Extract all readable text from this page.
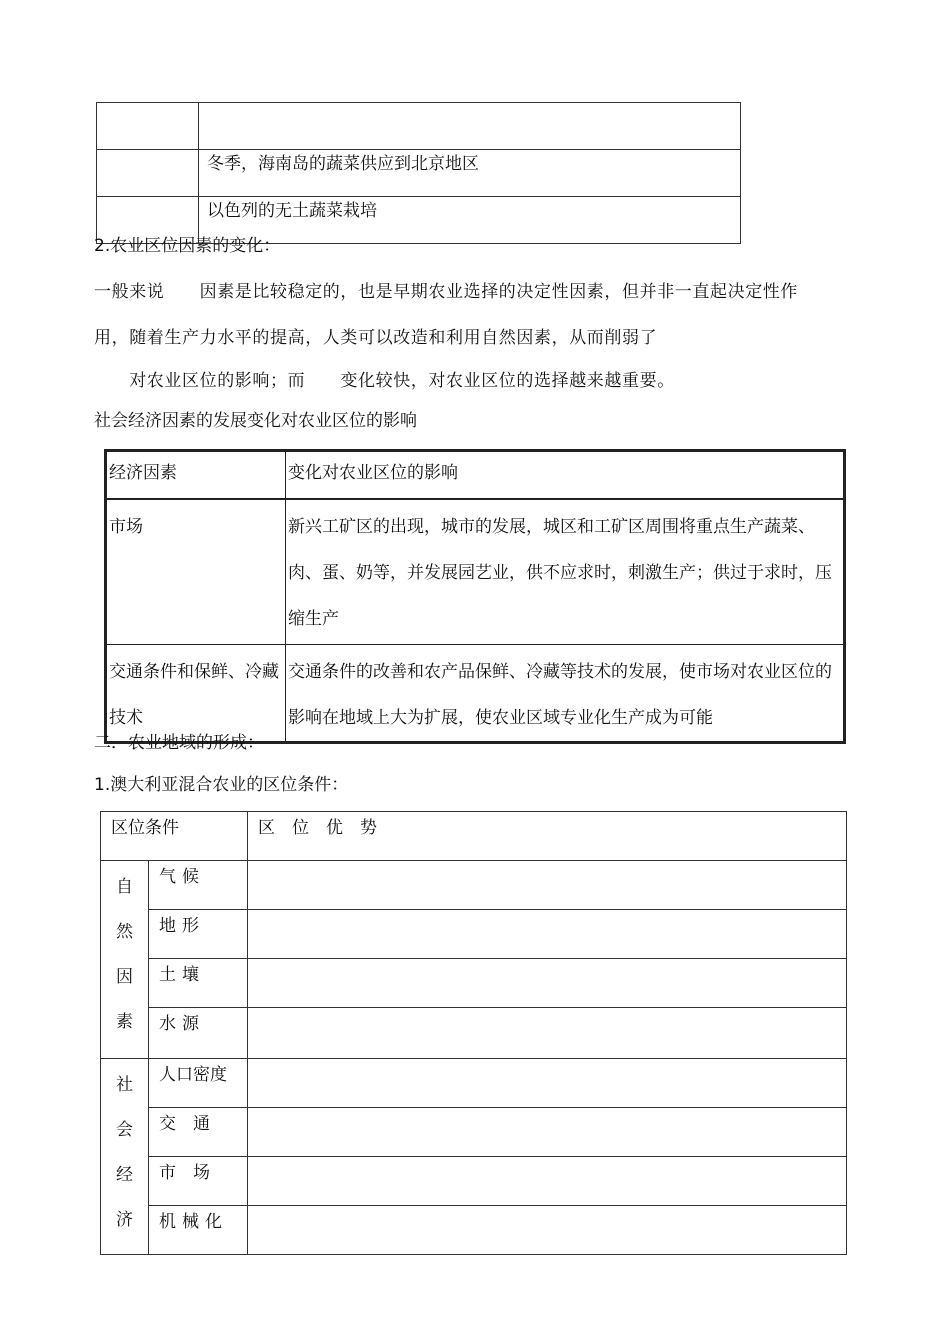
	冬季，海南岛的蔬菜供应到北京地区
	以色列的无土蔬菜栽培
2.农业区位因素的变化：
一般来说　　因素是比较稳定的，也是早期农业选择的决定性因素，但并非一直起决定性作
用，随着生产力水平的提高，人类可以改造和利用自然因素，从而削弱了
　　对农业区位的影响；而　　变化较快，对农业区位的选择越来越重要。
社会经济因素的发展变化对农业区位的影响
经济因素	变化对农业区位的影响
市场	新兴工矿区的出现，城市的发展，城区和工矿区周围将重点生产蔬菜、肉、蛋、奶等，并发展园艺业，供不应求时，刺激生产；供过于求时，压缩生产
交通条件和保鲜、冷藏技术	交通条件的改善和农产品保鲜、冷藏等技术的发展，使市场对农业区位的影响在地域上大为扩展，使农业区域专业化生产成为可能
二．农业地域的形成：
1.澳大利亚混合农业的区位条件：
区位条件		区　位　优　势

自
然
因
素	气候	
	地形	
	土壤	
	水源	

社
会
经
济	人口密度	
	交　通	
	市　场	
	机械化	
